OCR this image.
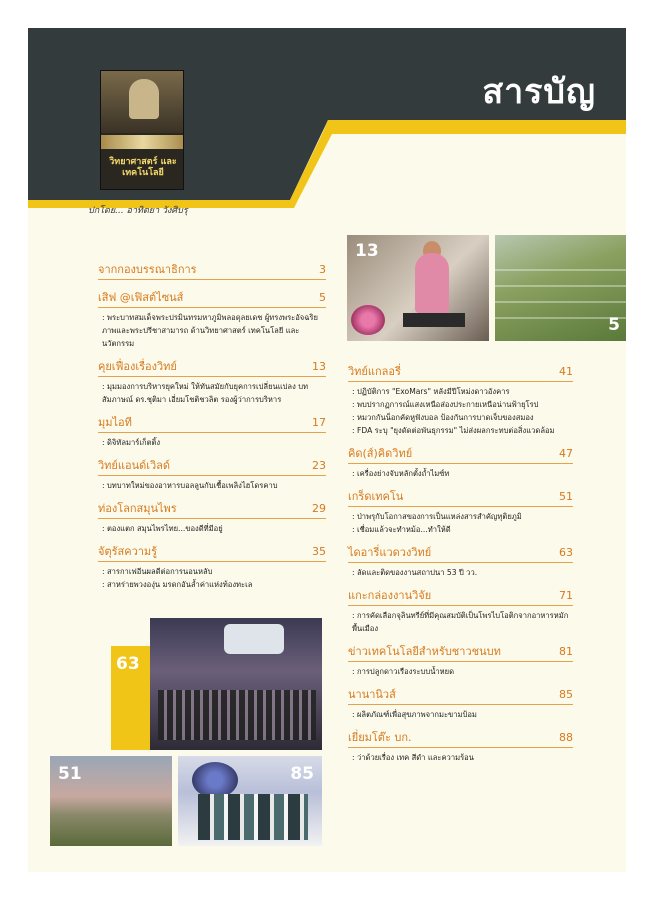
สารบัญ
วิทยาศาสตร์ และเทคโนโลยี
ปกโดย... อาทิตยา วังศิบรุ
13
5
63
51	85
จากกองบรรณาธิการ	3
เสิฟ @เฟิสต์ไซนส์	5
: พระบาทสมเด็จพระปรมินทรมหาภูมิพลอดุลยเดช ผู้ทรงพระอัจฉริยภาพและพระปรีชาสามารถ ด้านวิทยาศาสตร์ เทคโนโลยี และนวัตกรรม
คุยเฟื่องเรื่องวิทย์	13
: มุมมองการบริหารยุคใหม่ ให้ทันสมัยกับยุคการเปลี่ยนแปลง บทสัมภาษณ์ ดร.ชุติมา เอี่ยมโชติชวลิต รองผู้ว่าการบริหาร
มุมไอที	17
: ดิจิทัลมาร์เก็ตติ้ง
วิทย์แอนด์เวิลด์	23
: บทบาทใหม่ของอาหารบอลลูนกับเชื้อเพลิงไฮโดรคาบ
ท่องโลกสมุนไพร	29
: ตองแตก สมุนไพรไทย...ของดีที่มีอยู่
จัตุรัสความรู้	35
: สารกาเฟอีนผลดีต่อการนอนหลับ
: สาหร่ายพวงองุ่น มรดกอันล้ำค่าแห่งท้องทะเล
วิทย์แกลอรี่	41
: ปฏิบัติการ "ExoMars" หลังมีปีโหม่งดาวอังคาร
: พบปรากฏการณ์แสงเหนือส่องประกายเหนือน่านฟ้ายุโรป
: หมวกกันน็อกคัดหูฟังบอล ป้องกันการบาดเจ็บของสมอง
: FDA ระบุ "ยุงดัดต่อพันธุกรรม" ไม่ส่งผลกระทบต่อสิ่งแวดล้อม
คิด(ส์)คิดวิทย์	47
: เครื่องย่างจับหลักตั้งถ้ำไมซ์ท
เกร็ดเทคโน	51
: ป่าพรุกับโอกาสของการเป็นแหล่งสารสำคัญทุติยภูมิ
: เชื่อมแล้วจะทำหม้อ...ทำให้ดี
ไดอารี่แวดวงวิทย์	63
: ลัดและติดของงานสถาปนา 53 ปี วว.
แกะกล่องงานวิจัย	71
: การคัดเลือกจุลินทรีย์ที่มีคุณสมบัติเป็นโพรไบโอติกจากอาหารหมักพื้นเมือง
ข่าวเทคโนโลยีสำหรับชาวชนบท	81
: การปลูกดาวเรืองระบบน้ำหยด
นานานิวส์	85
: ผลิตภัณฑ์เพื่อสุขภาพจากมะขามป้อม
เยี่ยมโต๊ะ บก.	88
: ว่าด้วยเรื่อง เทค สีดำ และความร้อน
